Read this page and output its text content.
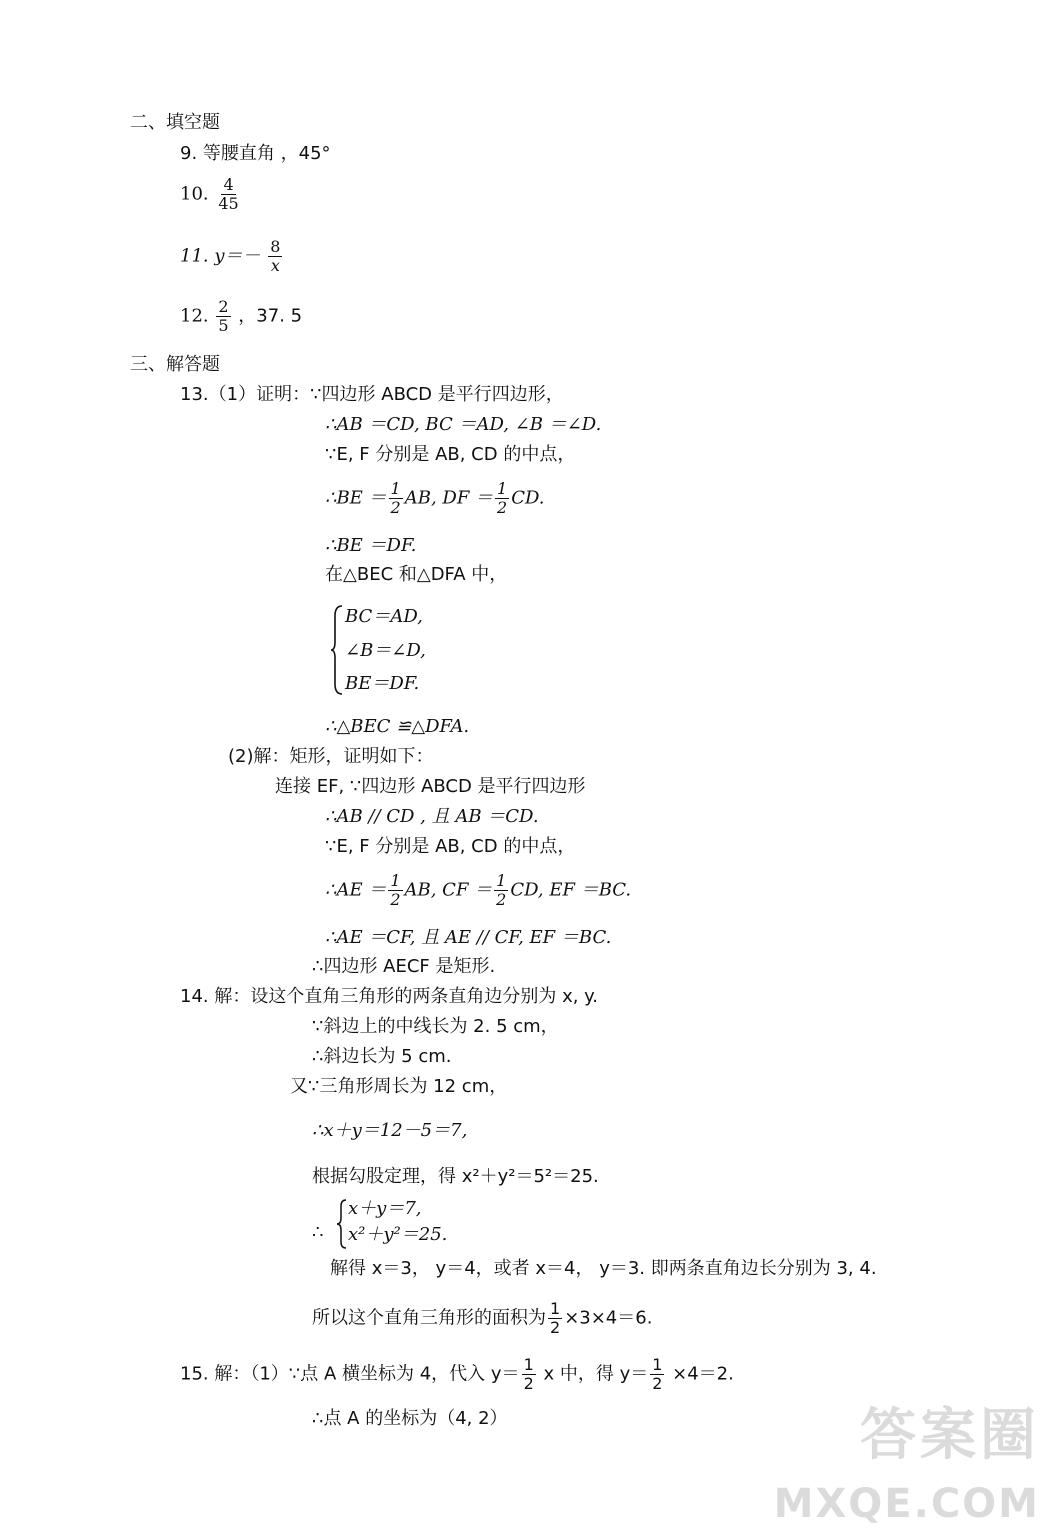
二、填空题
9. 等腰直角 ，45°
10. $\frac{4}{45}$
11. $y=- \frac{8}{x}$
12. $\frac{2}{5}$ ，37. 5
三、解答题
13.（1）证明：∵四边形 ABCD 是平行四边形，
∴AB ＝CD, BC ＝AD, ∠B ＝∠D.
∵E, F 分别是 AB, CD 的中点，
∴BE ＝ $\frac{1}{2}$ AB, DF ＝ $\frac{1}{2}$ CD.
∴BE ＝DF.
在△BEC 和△DFA 中，
BC＝AD,
∠B＝∠D,
BE＝DF.
∴△BEC ≌△DFA.
(2)解：矩形，证明如下：
连接 EF, ∵四边形 ABCD 是平行四边形
∴AB // CD , 且 AB ＝CD.
∵E, F 分别是 AB, CD 的中点，
∴AE ＝ $\frac{1}{2}$ AB, CF ＝ $\frac{1}{2}$ CD, EF ＝BC.
∴AE ＝CF, 且 AE // CF, EF ＝BC.
∴四边形 AECF 是矩形.
14. 解：设这个直角三角形的两条直角边分别为 x, y.
∵斜边上的中线长为 2. 5 cm，
∴斜边长为 5 cm.
又∵三角形周长为 12 cm，
∴x＋y＝12－5＝7,
根据勾股定理，得 x²＋y²＝5²＝25.
∴
x＋y＝7,
x²＋y²＝25.
解得 x＝3， y＝4，或者 x＝4， y＝3. 即两条直角边长分别为 3, 4.
所以这个直角三角形的面积为 $\frac{1}{2} \times 3\times 4=6$.
15. 解：（1）∵点 A 横坐标为 4，代入 $y= \frac{1}{2}$ x 中，得 $y= \frac{1}{2} \times 4=2$.
∴点 A 的坐标为（4, 2）	答案圈
MXQE.COM
